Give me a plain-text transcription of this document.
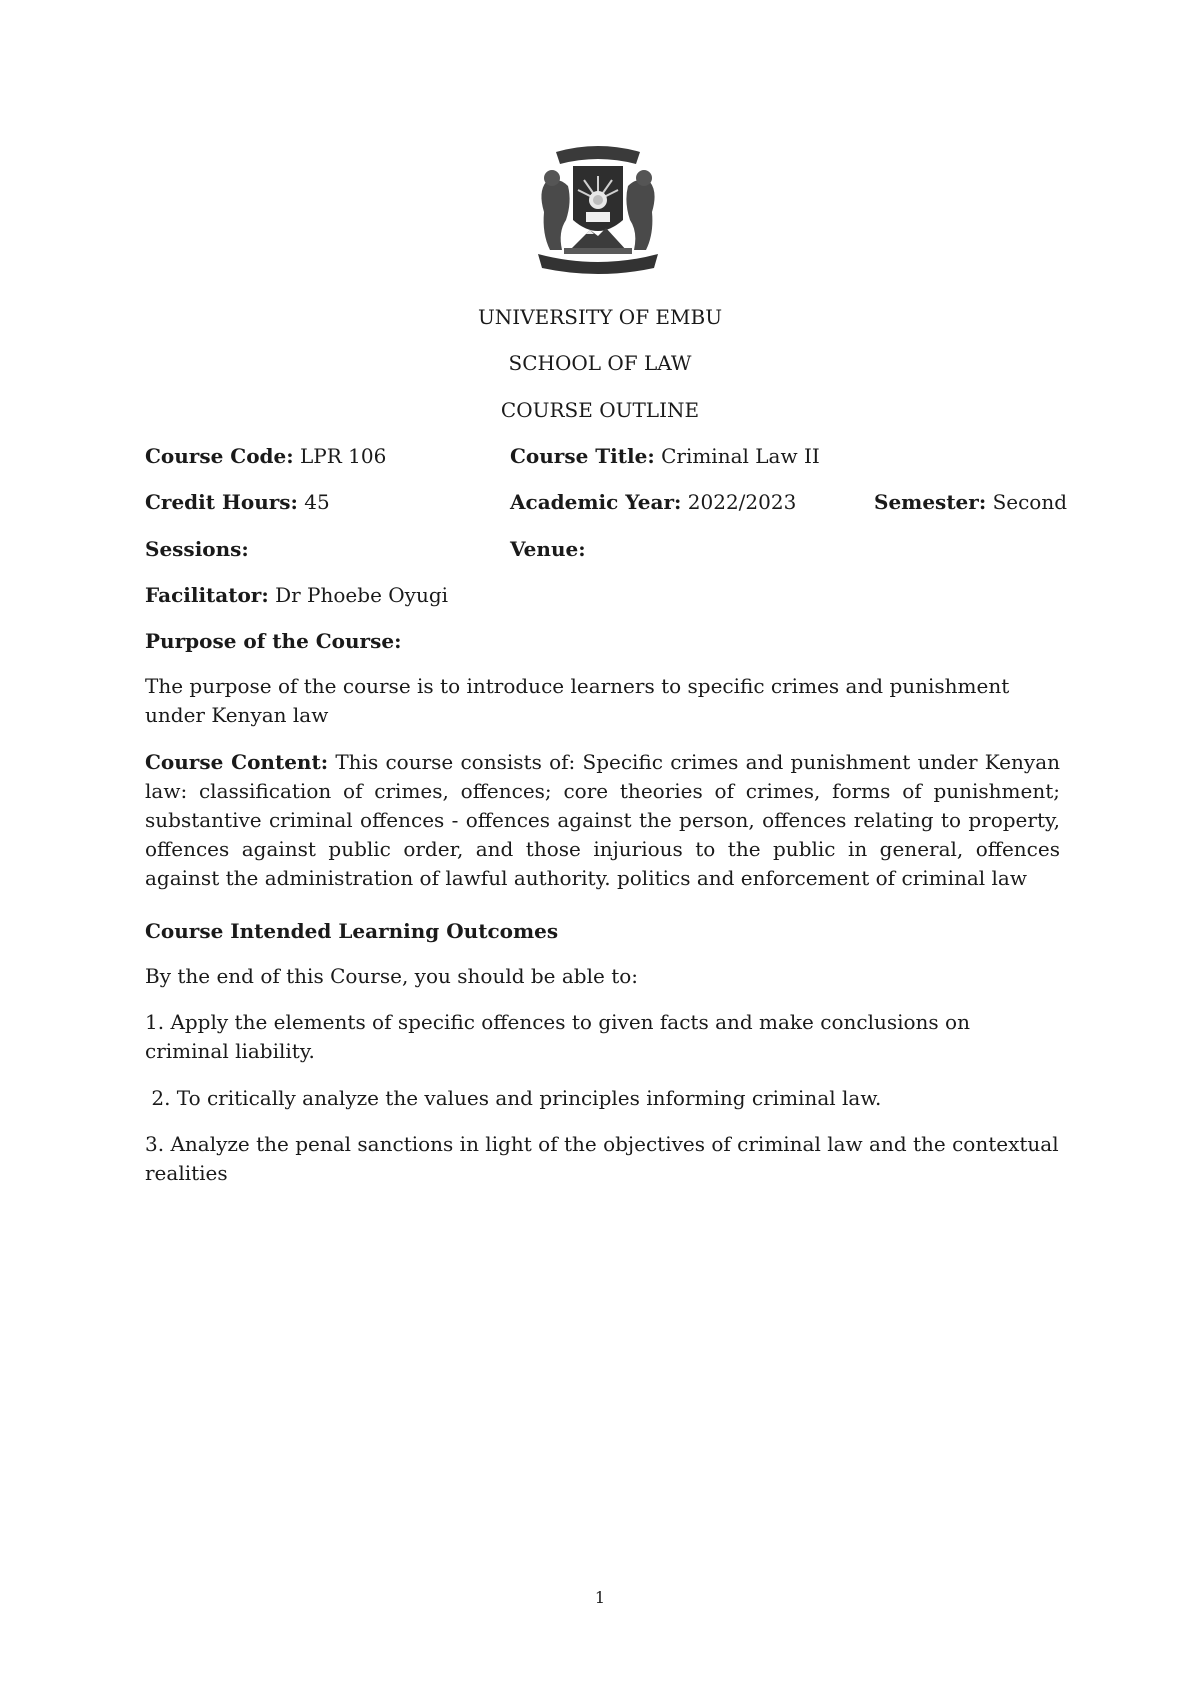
UNIVERSITY OF EMBU
SCHOOL OF LAW
COURSE OUTLINE
Course Code: LPR 106	Course Title: Criminal Law II
Credit Hours: 45	Academic Year: 2022/2023	Semester: Second
Sessions:	Venue:
Facilitator: Dr Phoebe Oyugi
Purpose of the Course:
The purpose of the course is to introduce learners to specific crimes and punishment under Kenyan law
Course Content: This course consists of: Specific crimes and punishment under Kenyan law: classification of crimes, offences; core theories of crimes, forms of punishment; substantive criminal offences - offences against the person, offences relating to property, offences against public order, and those injurious to the public in general, offences against the administration of lawful authority. politics and enforcement of criminal law
Course Intended Learning Outcomes
By the end of this Course, you should be able to:
1. Apply the elements of specific offences to given facts and make conclusions on criminal liability.
2. To critically analyze the values and principles informing criminal law.
3. Analyze the penal sanctions in light of the objectives of criminal law and the contextual realities
1
